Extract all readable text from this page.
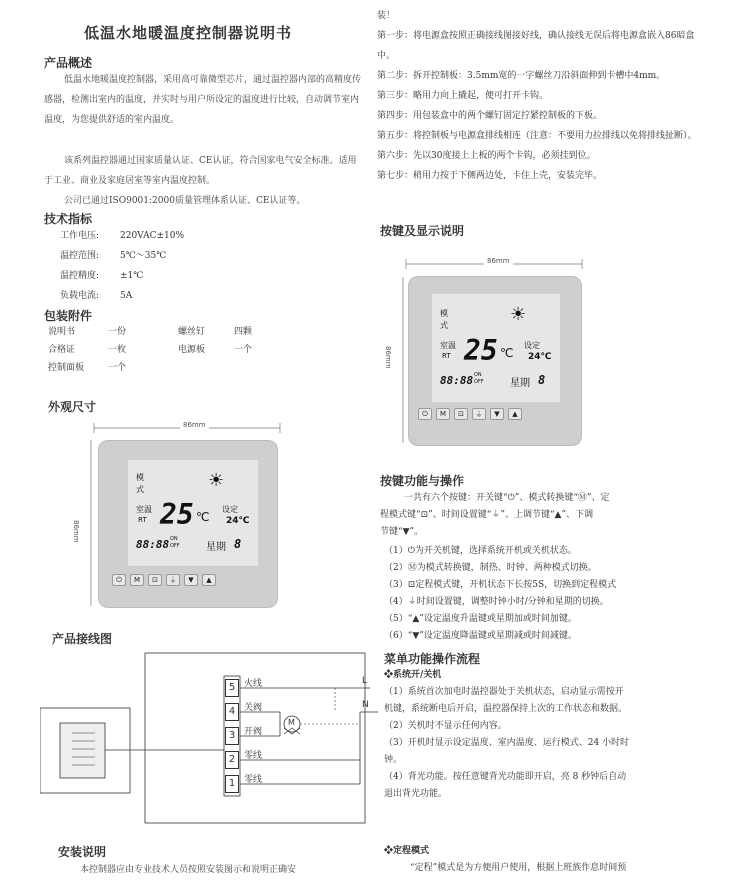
低温水地暖温度控制器说明书
产品概述
低温水地暖温度控制器，采用高可靠微型芯片，通过温控器内部的高精度传感器，检测出室内的温度，并实时与用户所设定的温度进行比较，自动调节室内温度，为您提供舒适的室内温度。
该系列温控器通过国家质量认证、CE认证，符合国家电气安全标准。适用于工业、商业及家庭居室等室内温度控制。
公司已通过ISO9001:2000质量管理体系认证、CE认证等。
技术指标
工作电压: 220VAC±10%
温控范围: 5℃～35℃
温控精度: ±1℃
负载电流: 5A
包装附件
说明书	一份	螺丝钉	四颗
合格证	一枚	电源板	一个
控制面板	一个
外观尺寸
86mm
86mm
模
式	☀
室温
RT 25 ℃
设定
24℃
88:88 ON
OFF	星期 8
⏻	M	⊡	⏚	▼	▲
产品接线图
5
4
3
2
1
火线
关阀
开阀
零线
零线
L
N
M
安装说明
本控制器应由专业技术人员按照安装图示和说明正确安
装！
第一步：将电源盒按照正确接线图接好线，确认接线无误后将电源盒嵌入86暗盒中。
第二步：拆开控制板：3.5mm宽的一字螺丝刀沿斜面伸到卡槽中4mm。
第三步：略用力向上撬起，便可打开卡钩。
第四步：用包装盒中的两个螺钉固定拧紧控制板的下板。
第五步：将控制板与电源盒排线相连（注意：不要用力拉排线以免将排线扯断）。
第六步：先以30度接上上板的两个卡钩，必须挂到位。
第七步：稍用力按于下侧两边处，卡住上壳，安装完毕。
按键及显示说明
86mm
86mm
模
式
☀
室温
RT 25 ℃
设定
24℃
88:88 ON
OFF	星期 8
⏻	M	⊡	⏚	▼	▲
按键功能与操作
一共有六个按键：开关键“⏻”、模式转换键“Ⓜ”、定
程模式键“⊡”、时间设置键“⏚”、上调节键“▲”、下调
节键“▼”。
（1）⏻为开关机键，选择系统开机或关机状态。
（2）Ⓜ为模式转换键，制热、时钟、两种模式切换。
（3）⊡定程模式键，开机状态下长按5S，切换到定程模式
（4）⏚时间设置键，调整时钟小时/分钟和星期的切换。
（5）“▲”设定温度升温键或星期加或时间加键。
（6）“▼”设定温度降温键或星期减或时间减键。
菜单功能操作流程
❖系统开/关机
（1）系统首次加电时温控器处于关机状态，启动显示需按开
机键，系统断电后开启，温控器保持上次的工作状态和数据。
（2）关机时不显示任何内容。
（3）开机时显示设定温度、室内温度、运行模式、24 小时时
钟。
（4）背光功能。按任意键背光功能即开启，亮 8 秒钟后自动
退出背光功能。
❖定程模式
“定程”模式是为方便用户使用，根据上班族作息时间预
